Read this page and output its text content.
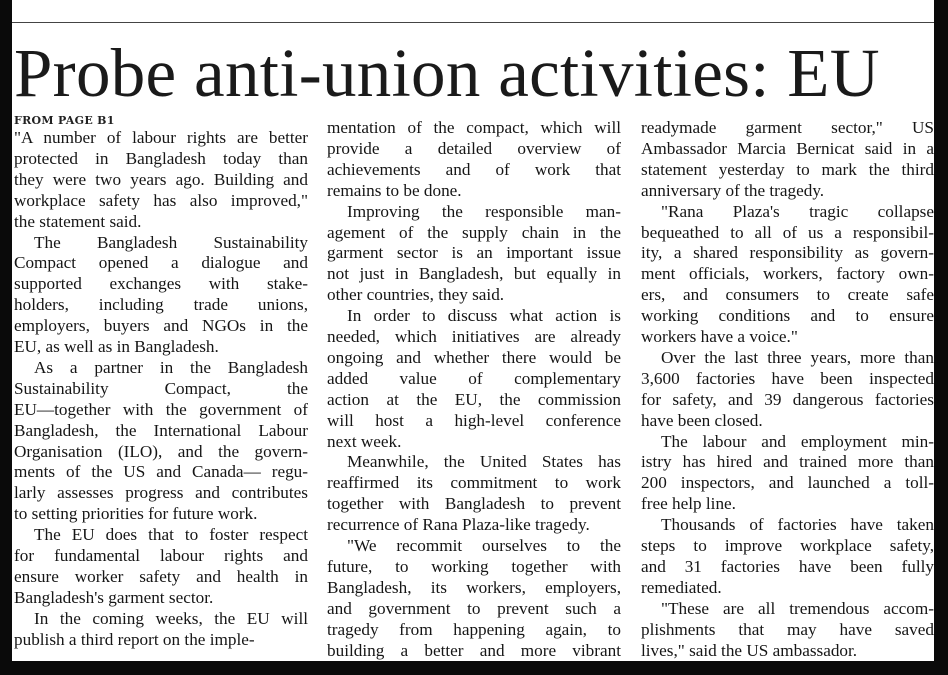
Probe anti-union activities: EU
FROM PAGE B1
"A number of labour rights are better
protected in Bangladesh today than
they were two years ago. Building and
workplace safety has also improved,"
the statement said.
The Bangladesh Sustainability
Compact opened a dialogue and
supported exchanges with stake-
holders, including trade unions,
employers, buyers and NGOs in the
EU, as well as in Bangladesh.
As a partner in the Bangladesh
Sustainability Compact, the
EU—together with the government of
Bangladesh, the International Labour
Organisation (ILO), and the govern-
ments of the US and Canada— regu-
larly assesses progress and contributes
to setting priorities for future work.
The EU does that to foster respect
for fundamental labour rights and
ensure worker safety and health in
Bangladesh's garment sector.
In the coming weeks, the EU will
publish a third report on the imple-
mentation of the compact, which will
provide a detailed overview of
achievements and of work that
remains to be done.
Improving the responsible man-
agement of the supply chain in the
garment sector is an important issue
not just in Bangladesh, but equally in
other countries, they said.
In order to discuss what action is
needed, which initiatives are already
ongoing and whether there would be
added value of complementary
action at the EU, the commission
will host a high-level conference
next week.
Meanwhile, the United States has
reaffirmed its commitment to work
together with Bangladesh to prevent
recurrence of Rana Plaza-like tragedy.
"We recommit ourselves to the
future, to working together with
Bangladesh, its workers, employers,
and government to prevent such a
tragedy from happening again, to
building a better and more vibrant
readymade garment sector," US
Ambassador Marcia Bernicat said in a
statement yesterday to mark the third
anniversary of the tragedy.
"Rana Plaza's tragic collapse
bequeathed to all of us a responsibil-
ity, a shared responsibility as govern-
ment officials, workers, factory own-
ers, and consumers to create safe
working conditions and to ensure
workers have a voice."
Over the last three years, more than
3,600 factories have been inspected
for safety, and 39 dangerous factories
have been closed.
The labour and employment min-
istry has hired and trained more than
200 inspectors, and launched a toll-
free help line.
Thousands of factories have taken
steps to improve workplace safety,
and 31 factories have been fully
remediated.
"These are all tremendous accom-
plishments that may have saved
lives," said the US ambassador.
